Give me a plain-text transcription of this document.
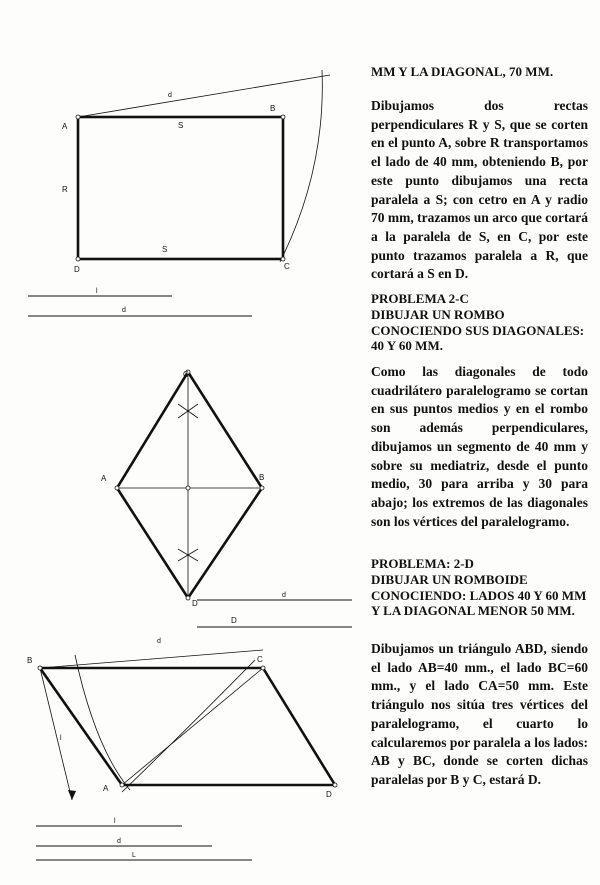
A
B
C
D
S
S
R
d
l
d
C
B
A
D
d
D
B	C
D
A
d
l
l
d
L
MM Y LA DIAGONAL, 70 MM.
Dibujamos dos rectas perpendiculares R y S, que se corten en el punto A, sobre R transportamos el lado de 40 mm, obteniendo B, por este punto dibujamos una recta paralela a S; con cetro en A y radio 70 mm, trazamos un arco que cortará a la paralela de S, en C, por este punto trazamos paralela a R, que cortará a S en D.
PROBLEMA 2-C
DIBUJAR UN ROMBO CONOCIENDO SUS DIAGONALES: 40 Y 60 MM.
Como las diagonales de todo cuadrilátero paralelogramo se cortan en sus puntos medios y en el rombo son además perpendiculares, dibujamos un segmento de 40 mm y sobre su mediatriz, desde el punto medio, 30 para arriba y 30 para abajo; los extremos de las diagonales son los vértices del paralelogramo.
PROBLEMA: 2-D
DIBUJAR UN ROMBOIDE CONOCIENDO: LADOS 40 Y 60 MM Y LA DIAGONAL MENOR 50 MM.
Dibujamos un triángulo ABD, siendo el lado AB=40 mm., el lado BC=60 mm., y el lado CA=50 mm. Este triángulo nos sitúa tres vértices del paralelogramo, el cuarto lo calcularemos por paralela a los lados: AB y BC, donde se corten dichas paralelas por B y C, estará D.
